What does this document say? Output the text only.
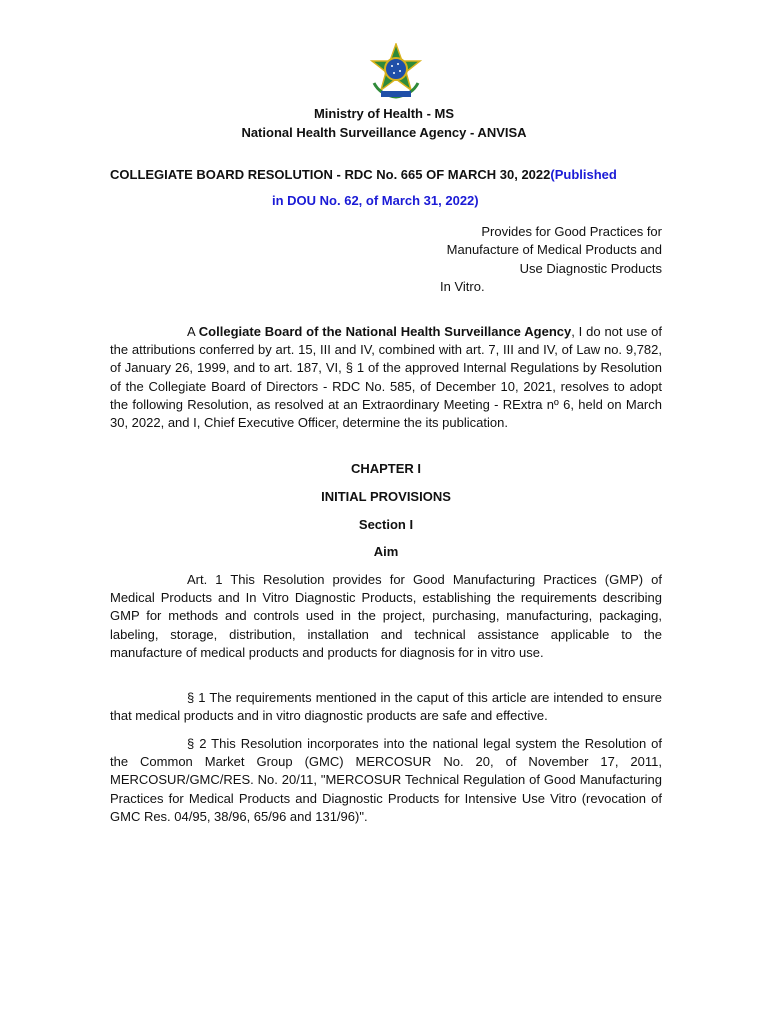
Ministry of Health - MS
National Health Surveillance Agency - ANVISA
COLLEGIATE BOARD RESOLUTION - RDC No. 665 OF MARCH 30, 2022(Published
in DOU No. 62, of March 31, 2022)
Provides for Good Practices for
Manufacture of Medical Products and
Use Diagnostic Products
In Vitro.

A Collegiate Board of the National Health Surveillance Agency, I do not use of the attributions conferred by art. 15, III and IV, combined with art. 7, III and IV, of Law no. 9,782, of January 26, 1999, and to art. 187, VI, § 1 of the approved Internal Regulations by Resolution of the Collegiate Board of Directors - RDC No. 585, of December 10, 2021, resolves to adopt the following Resolution, as resolved at an Extraordinary Meeting - RExtra nº 6, held on March 30, 2022, and I, Chief Executive Officer, determine the its publication.

CHAPTER I
INITIAL PROVISIONS
Section I
Aim

Art. 1 This Resolution provides for Good Manufacturing Practices (GMP) of Medical Products and In Vitro Diagnostic Products, establishing the requirements describing GMP for methods and controls used in the project, purchasing, manufacturing, packaging, labeling, storage, distribution, installation and technical assistance applicable to the manufacture of medical products and products for diagnosis for in vitro use.

§ 1 The requirements mentioned in the caput of this article are intended to ensure that medical products and in vitro diagnostic products are safe and effective.

§ 2 This Resolution incorporates into the national legal system the Resolution of the Common Market Group (GMC) MERCOSUR No. 20, of November 17, 2011, MERCOSUR/GMC/RES. No. 20/11, "MERCOSUR Technical Regulation of Good Manufacturing Practices for Medical Products and Diagnostic Products for Intensive Use Vitro (revocation of GMC Res. 04/95, 38/96, 65/96 and 131/96)".
